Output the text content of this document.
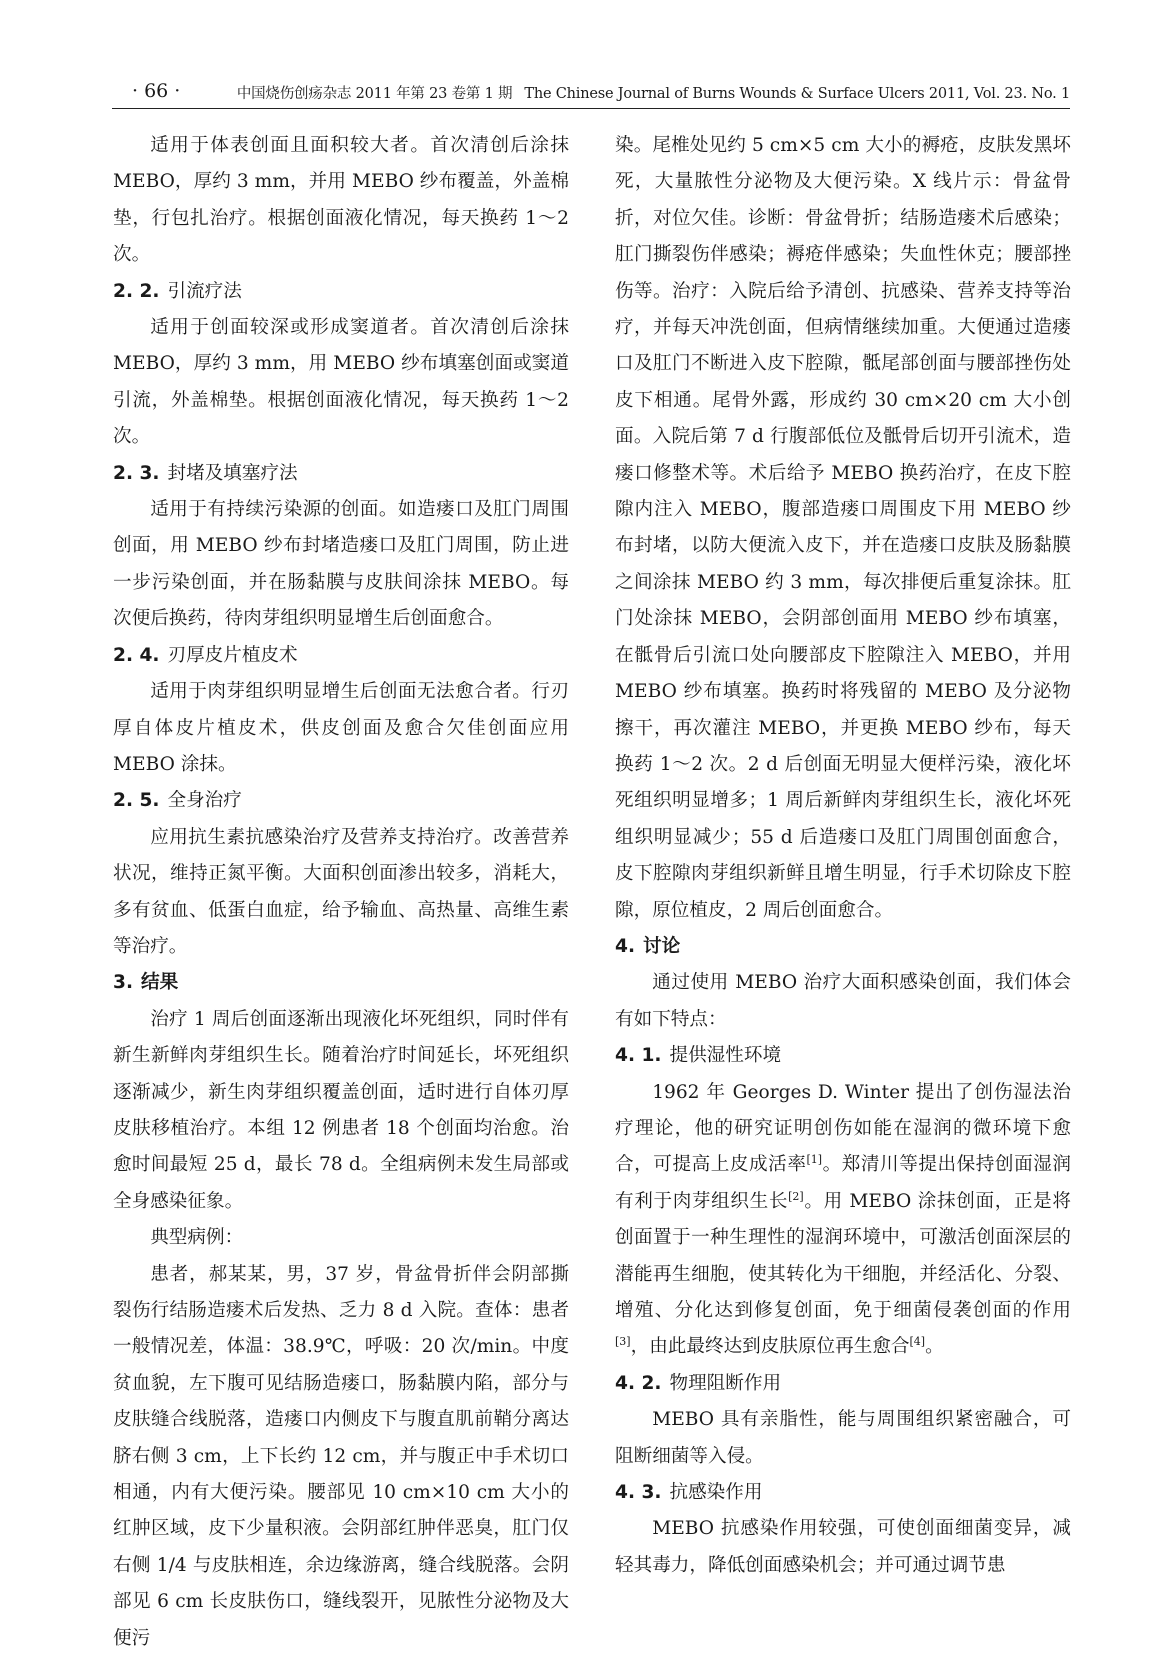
· 66 ·	中国烧伤创疡杂志 2011 年第 23 卷第 1 期 The Chinese Journal of Burns Wounds & Surface Ulcers 2011, Vol. 23. No. 1

适用于体表创面且面积较大者。首次清创后涂抹 MEBO，厚约 3 mm，并用 MEBO 纱布覆盖，外盖棉垫，行包扎治疗。根据创面液化情况，每天换药 1～2 次。

2. 2. 引流疗法

适用于创面较深或形成窦道者。首次清创后涂抹 MEBO，厚约 3 mm，用 MEBO 纱布填塞创面或窦道引流，外盖棉垫。根据创面液化情况，每天换药 1～2 次。

2. 3. 封堵及填塞疗法

适用于有持续污染源的创面。如造瘘口及肛门周围创面，用 MEBO 纱布封堵造瘘口及肛门周围，防止进一步污染创面，并在肠黏膜与皮肤间涂抹 MEBO。每次便后换药，待肉芽组织明显增生后创面愈合。

2. 4. 刃厚皮片植皮术

适用于肉芽组织明显增生后创面无法愈合者。行刃厚自体皮片植皮术，供皮创面及愈合欠佳创面应用 MEBO 涂抹。

2. 5. 全身治疗

应用抗生素抗感染治疗及营养支持治疗。改善营养状况，维持正氮平衡。大面积创面渗出较多，消耗大，多有贫血、低蛋白血症，给予输血、高热量、高维生素等治疗。

3. 结果

治疗 1 周后创面逐渐出现液化坏死组织，同时伴有新生新鲜肉芽组织生长。随着治疗时间延长，坏死组织逐渐减少，新生肉芽组织覆盖创面，适时进行自体刃厚皮肤移植治疗。本组 12 例患者 18 个创面均治愈。治愈时间最短 25 d，最长 78 d。全组病例未发生局部或全身感染征象。

典型病例：

患者，郝某某，男，37 岁，骨盆骨折伴会阴部撕裂伤行结肠造瘘术后发热、乏力 8 d 入院。查体：患者一般情况差，体温：38.9℃，呼吸：20 次/min。中度贫血貌，左下腹可见结肠造瘘口，肠黏膜内陷，部分与皮肤缝合线脱落，造瘘口内侧皮下与腹直肌前鞘分离达脐右侧 3 cm，上下长约 12 cm，并与腹正中手术切口相通，内有大便污染。腰部见 10 cm×10 cm 大小的红肿区域，皮下少量积液。会阴部红肿伴恶臭，肛门仅右侧 1/4 与皮肤相连，余边缘游离，缝合线脱落。会阴部见 6 cm 长皮肤伤口，缝线裂开，见脓性分泌物及大便污

染。尾椎处见约 5 cm×5 cm 大小的褥疮，皮肤发黑坏死，大量脓性分泌物及大便污染。X 线片示：骨盆骨折，对位欠佳。诊断：骨盆骨折；结肠造瘘术后感染；肛门撕裂伤伴感染；褥疮伴感染；失血性休克；腰部挫伤等。治疗：入院后给予清创、抗感染、营养支持等治疗，并每天冲洗创面，但病情继续加重。大便通过造瘘口及肛门不断进入皮下腔隙，骶尾部创面与腰部挫伤处皮下相通。尾骨外露，形成约 30 cm×20 cm 大小创面。入院后第 7 d 行腹部低位及骶骨后切开引流术，造瘘口修整术等。术后给予 MEBO 换药治疗，在皮下腔隙内注入 MEBO，腹部造瘘口周围皮下用 MEBO 纱布封堵，以防大便流入皮下，并在造瘘口皮肤及肠黏膜之间涂抹 MEBO 约 3 mm，每次排便后重复涂抹。肛门处涂抹 MEBO，会阴部创面用 MEBO 纱布填塞，在骶骨后引流口处向腰部皮下腔隙注入 MEBO，并用 MEBO 纱布填塞。换药时将残留的 MEBO 及分泌物擦干，再次灌注 MEBO，并更换 MEBO 纱布，每天换药 1～2 次。2 d 后创面无明显大便样污染，液化坏死组织明显增多；1 周后新鲜肉芽组织生长，液化坏死组织明显减少；55 d 后造瘘口及肛门周围创面愈合，皮下腔隙肉芽组织新鲜且增生明显，行手术切除皮下腔隙，原位植皮，2 周后创面愈合。

4. 讨论

通过使用 MEBO 治疗大面积感染创面，我们体会有如下特点：

4. 1. 提供湿性环境

1962 年 Georges D. Winter 提出了创伤湿法治疗理论，他的研究证明创伤如能在湿润的微环境下愈合，可提高上皮成活率[1]。郑清川等提出保持创面湿润有利于肉芽组织生长[2]。用 MEBO 涂抹创面，正是将创面置于一种生理性的湿润环境中，可激活创面深层的潜能再生细胞，使其转化为干细胞，并经活化、分裂、增殖、分化达到修复创面，免于细菌侵袭创面的作用[3]，由此最终达到皮肤原位再生愈合[4]。

4. 2. 物理阻断作用

MEBO 具有亲脂性，能与周围组织紧密融合，可阻断细菌等入侵。

4. 3. 抗感染作用

MEBO 抗感染作用较强，可使创面细菌变异，减轻其毒力，降低创面感染机会；并可通过调节患
